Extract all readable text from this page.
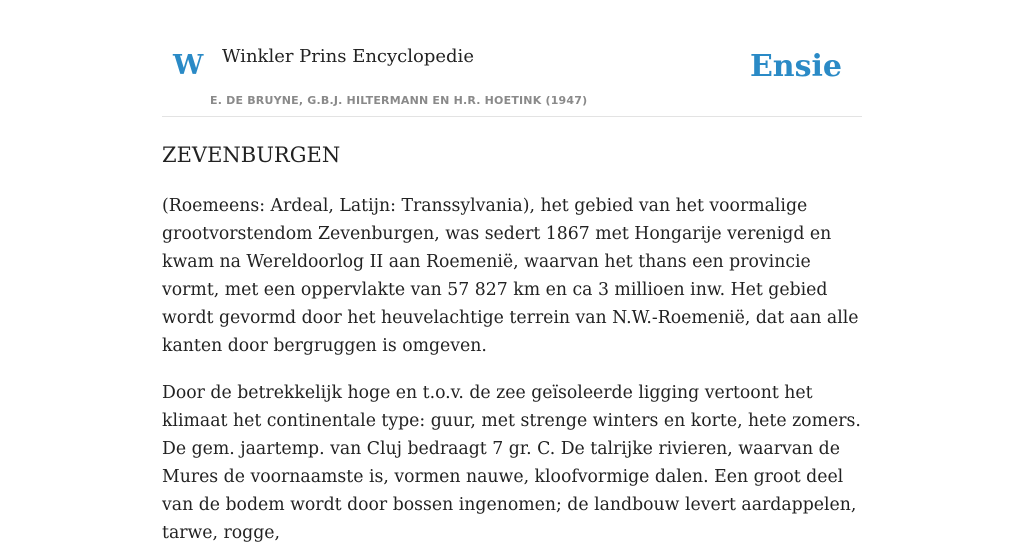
W Winkler Prins Encyclopedie
E. DE BRUYNE, G.B.J. HILTERMANN EN H.R. HOETINK (1947)
Ensie
ZEVENBURGEN

(Roemeens: Ardeal, Latijn: Transsylvania), het gebied van het voormalige grootvorstendom Zevenburgen, was sedert 1867 met Hongarije verenigd en kwam na Wereldoorlog II aan Roemenië, waarvan het thans een provincie vormt, met een oppervlakte van 57 827 km en ca 3 millioen inw. Het gebied wordt gevormd door het heuvelachtige terrein van N.W.-Roemenië, dat aan alle kanten door bergruggen is omgeven.

Door de betrekkelijk hoge en t.o.v. de zee geïsoleerde ligging vertoont het klimaat het continentale type: guur, met strenge winters en korte, hete zomers. De gem. jaartemp. van Cluj bedraagt 7 gr. C. De talrijke rivieren, waarvan de Mures de voornaamste is, vormen nauwe, kloofvormige dalen. Een groot deel van de bodem wordt door bossen ingenomen; de landbouw levert aardappelen, tarwe, rogge,
